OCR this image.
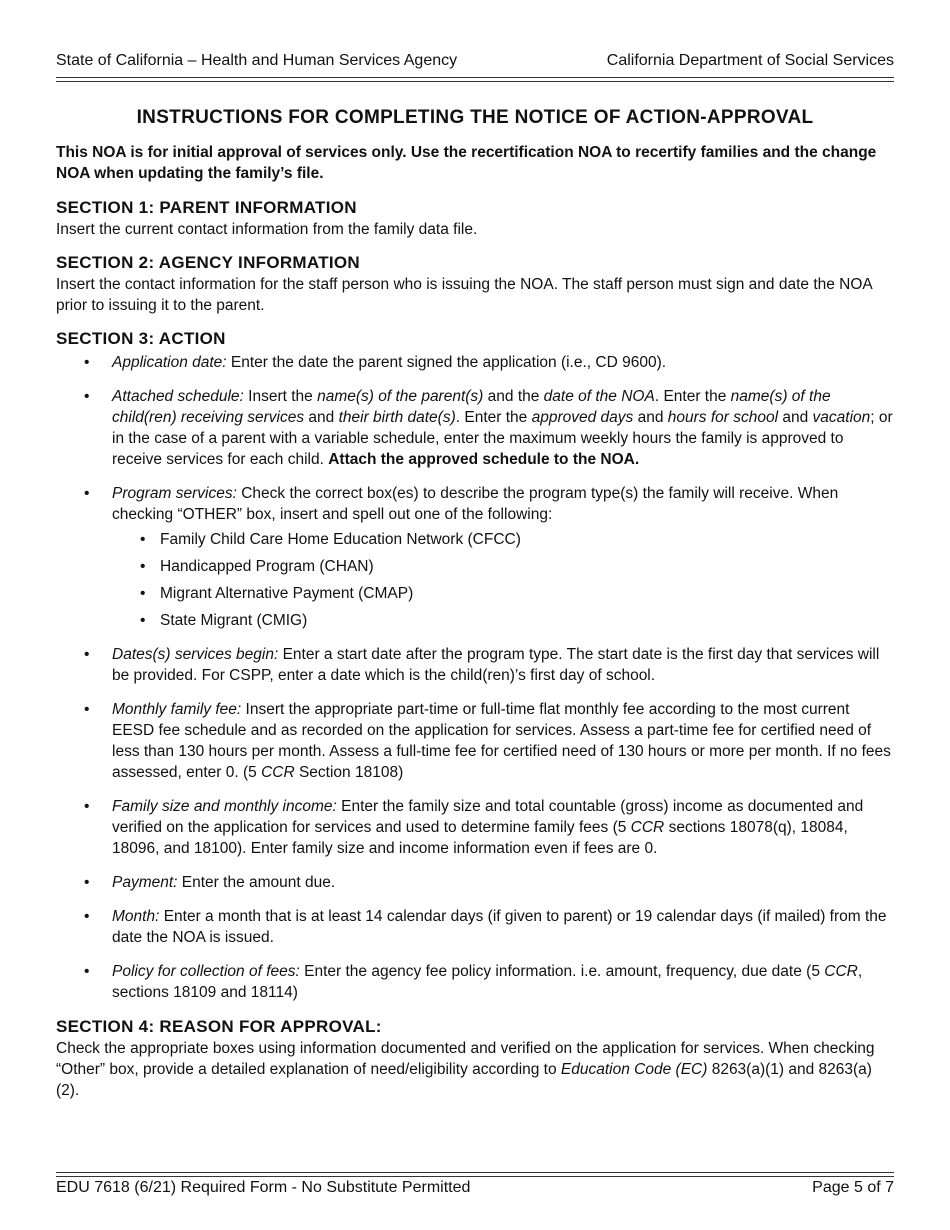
State of California – Health and Human Services Agency	California Department of Social Services
INSTRUCTIONS FOR COMPLETING THE NOTICE OF ACTION-APPROVAL

This NOA is for initial approval of services only. Use the recertification NOA to recertify families and the change NOA when updating the family’s file.

SECTION 1: PARENT INFORMATION

Insert the current contact information from the family data file.

SECTION 2: AGENCY INFORMATION

Insert the contact information for the staff person who is issuing the NOA. The staff person must sign and date the NOA prior to issuing it to the parent.

SECTION 3: ACTION
• Application date: Enter the date the parent signed the application (i.e., CD 9600).
• Attached schedule: Insert the name(s) of the parent(s) and the date of the NOA. Enter the name(s) of the child(ren) receiving services and their birth date(s). Enter the approved days and hours for school and vacation; or in the case of a parent with a variable schedule, enter the maximum weekly hours the family is approved to receive services for each child. Attach the approved schedule to the NOA.
• Program services: Check the correct box(es) to describe the program type(s) the family will receive. When checking “OTHER” box, insert and spell out one of the following:
• Family Child Care Home Education Network (CFCC)
• Handicapped Program (CHAN)
• Migrant Alternative Payment (CMAP)
• State Migrant (CMIG)
• Dates(s) services begin: Enter a start date after the program type. The start date is the first day that services will be provided. For CSPP, enter a date which is the child(ren)’s first day of school.
• Monthly family fee: Insert the appropriate part-time or full-time flat monthly fee according to the most current EESD fee schedule and as recorded on the application for services. Assess a part-time fee for certified need of less than 130 hours per month. Assess a full-time fee for certified need of 130 hours or more per month. If no fees assessed, enter 0. (5 CCR Section 18108)
• Family size and monthly income: Enter the family size and total countable (gross) income as documented and verified on the application for services and used to determine family fees (5 CCR sections 18078(q), 18084, 18096, and 18100). Enter family size and income information even if fees are 0.
• Payment: Enter the amount due.
• Month: Enter a month that is at least 14 calendar days (if given to parent) or 19 calendar days (if mailed) from the date the NOA is issued.
• Policy for collection of fees: Enter the agency fee policy information. i.e. amount, frequency, due date (5 CCR, sections 18109 and 18114)
SECTION 4: REASON FOR APPROVAL:

Check the appropriate boxes using information documented and verified on the application for services. When checking “Other” box, provide a detailed explanation of need/eligibility according to Education Code (EC) 8263(a)(1) and 8263(a)(2).

EDU 7618 (6/21) Required Form - No Substitute Permitted	Page 5 of 7
